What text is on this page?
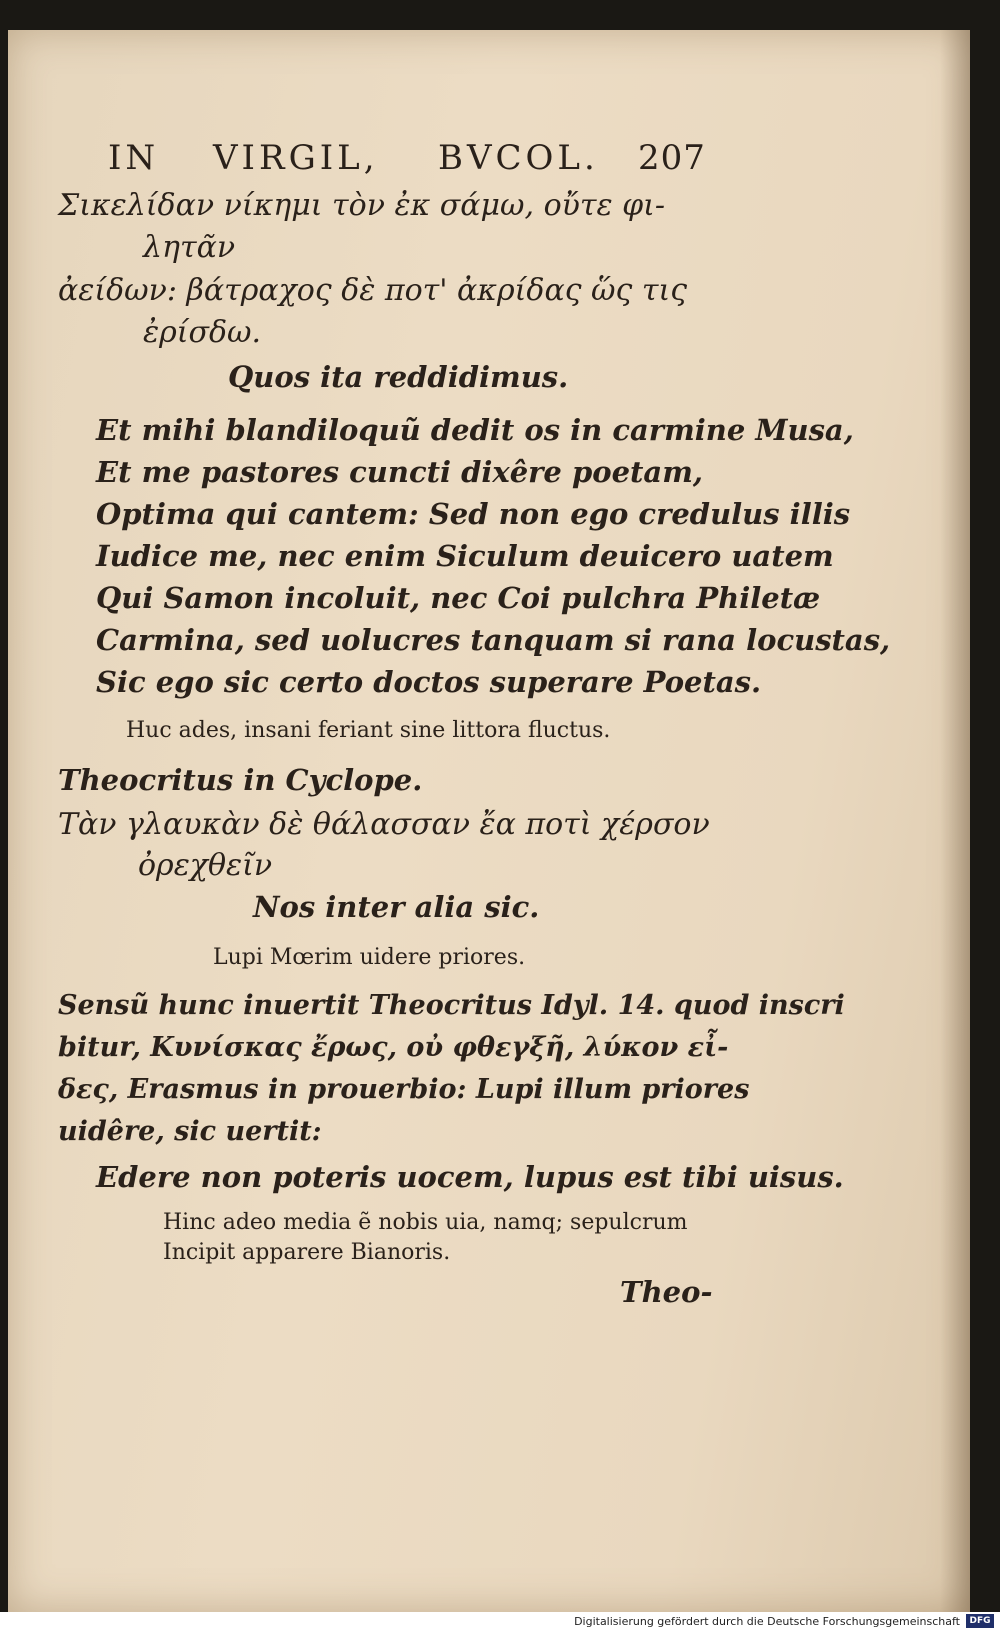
IN VIRGIL, BVCOL. 207
Σικελίδαν νίκημι τὸν ἐκ σάμω, οὔτε φι-
λητᾶν
ἀείδων: βάτραχος δὲ ποτ' ἀκρίδας ὥς τις
ἐρίσδω.
Quos ita reddidimus.
Et mihi blandiloquũ dedit os in carmine Musa,
Et me pastores cuncti dixêre poetam,
Optima qui cantem: Sed non ego credulus illis
Iudice me, nec enim Siculum deuicero uatem
Qui Samon incoluit, nec Coi pulchra Philetæ
Carmina, sed uolucres tanquam si rana locustas,
Sic ego sic certo doctos superare Poetas.
Huc ades, insani feriant sine littora fluctus.
Theocritus in Cyclope.
Τὰν γλαυκὰν δὲ θάλασσαν ἔα ποτὶ χέρσον
ὀρεχθεῖν
Nos inter alia sic.
Lupi Mœrim uidere priores.
Sensũ hunc inuertit Theocritus Idyl. 14. quod inscri
bitur, Κυνίσκας ἔρως, οὐ φθεγξῆ, λύκον εἶ-
δες, Erasmus in prouerbio: Lupi illum priores
uidêre, sic uertit:
Edere non poteris uocem, lupus est tibi uisus.
Hinc adeo media ẽ nobis uia, namq; sepulcrum
Incipit apparere Bianoris.
Theo-
Digitalisierung gefördert durch die Deutsche Forschungsgemeinschaft	DFG
